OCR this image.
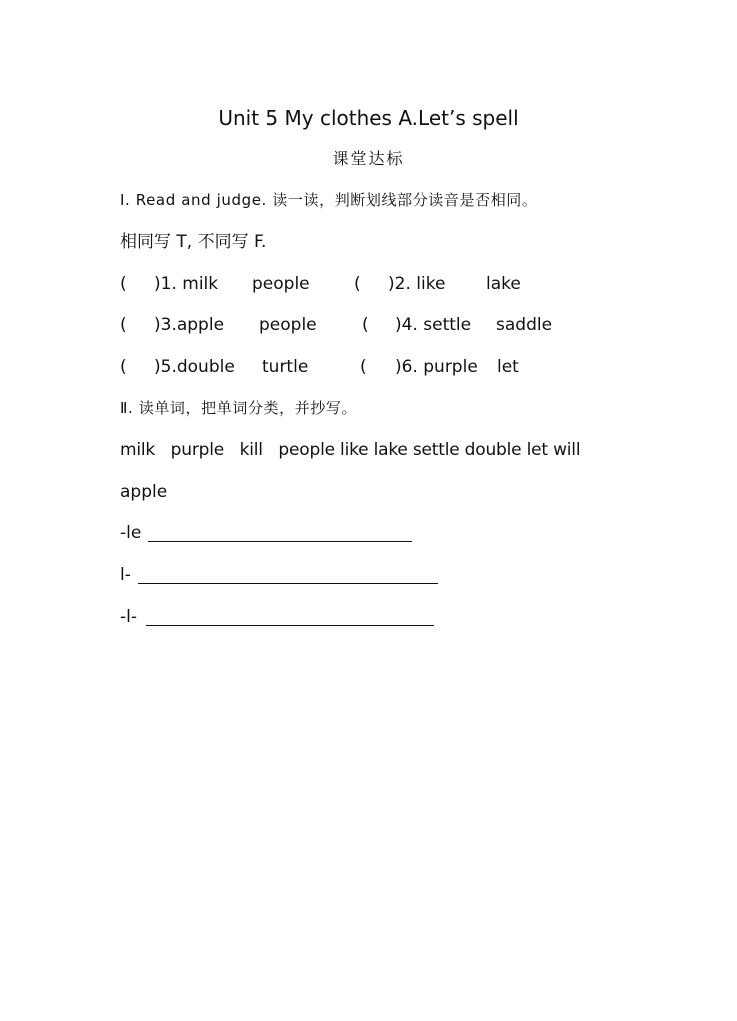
Unit 5 My clothes A.Let’s spell
课堂达标
Ⅰ. Read and judge. 读一读，判断划线部分读音是否相同。
相同写 T, 不同写 F.
( )1. milk people	( )2. like lake
( )3.apple people	( )4. settle saddle
( )5.double turtle	( )6. purple let
Ⅱ. 读单词，把单词分类，并抄写。
milk   purple   kill   people like lake settle double let will
apple
-le
l-
-l-
